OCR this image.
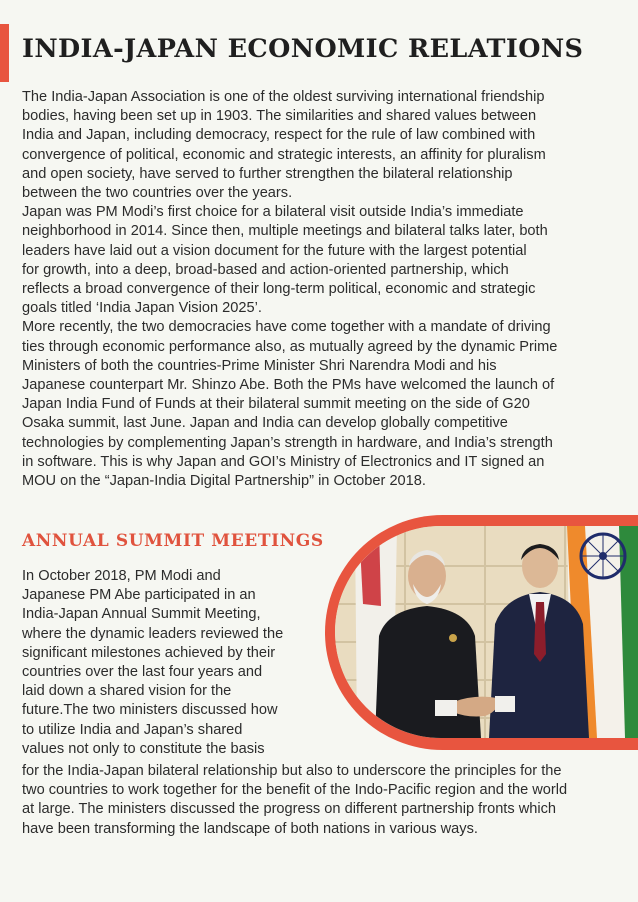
INDIA-JAPAN ECONOMIC RELATIONS

The India-Japan Association is one of the oldest surviving international friendship

bodies, having been set up in 1903. The similarities and shared values between

India and Japan, including democracy, respect for the rule of law combined with

convergence of political, economic and strategic interests, an affinity for pluralism

and open society, have served to further strengthen the bilateral relationship

between the two countries over the years.

Japan was PM Modi’s first choice for a bilateral visit outside India’s immediate

neighborhood in 2014. Since then, multiple meetings and bilateral talks later, both

leaders have laid out a vision document for the future with the largest potential

for growth, into a deep, broad-based and action-oriented partnership, which

reflects a broad convergence of their long-term political, economic and strategic

goals titled ‘India Japan Vision 2025’.

More recently, the two democracies have come together with a mandate of driving

ties through economic performance also, as mutually agreed by the dynamic Prime

Ministers of both the countries-Prime Minister Shri Narendra Modi and his

Japanese counterpart Mr. Shinzo Abe. Both the PMs have welcomed the launch of

Japan India Fund of Funds at their bilateral summit meeting on the side of G20

Osaka summit, last June. Japan and India can develop globally competitive

technologies by complementing Japan’s strength in hardware, and India’s strength

in software. This is why Japan and GOI’s Ministry of Electronics and IT signed an

MOU on the “Japan-India Digital Partnership” in October 2018.

ANNUAL SUMMIT MEETINGS

In October 2018, PM Modi and

Japanese PM Abe participated in an

India-Japan Annual Summit Meeting,

where the dynamic leaders reviewed the

significant milestones achieved by their

countries over the last four years and

laid down a shared vision for the

future.The two ministers discussed how

to utilize India and Japan’s shared

values not only to constitute the basis

for the India-Japan bilateral relationship but also to underscore the principles for the

two countries to work together for the benefit of the Indo-Pacific region and the world

at large. The ministers discussed the progress on different partnership fronts which

have been transforming the landscape of both nations in various ways.
